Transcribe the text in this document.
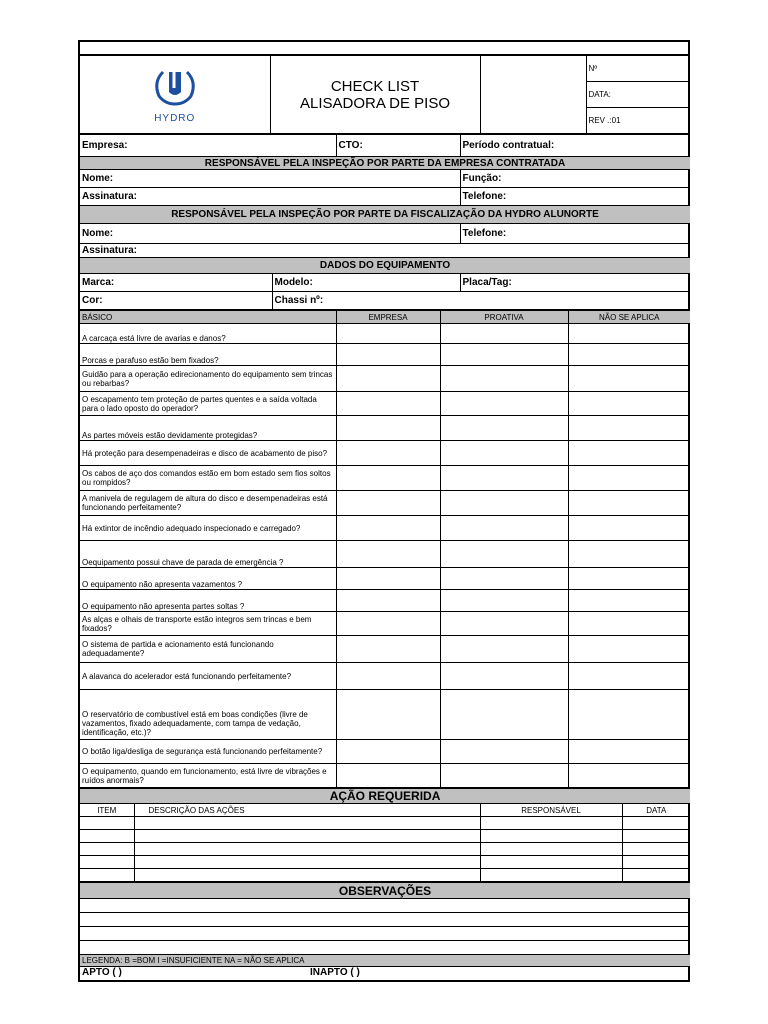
HYDRO

CHECK LIST
ALISADORA DE PISO
		Nº
DATA:
REV .:01
Empresa:		CTO:	Período contratual:
RESPONSÁVEL PELA INSPEÇÃO POR PARTE DA EMPRESA CONTRATADA			
Nome:			Função:
Assinatura:			Telefone:
RESPONSÁVEL PELA INSPEÇÃO POR PARTE DA FISCALIZAÇÃO DA HYDRO ALUNORTE			
Nome:			Telefone:
Assinatura:			
DADOS DO EQUIPAMENTO			
Marca:	Modelo:		Placa/Tag:
Cor:	Chassi nº:		
BÁSICO	EMPRESA	PROATIVA	NÃO SE APLICA
A carcaça está livre de avarias e danos?			
Porcas e parafuso estão bem fixados?			
Guidão para a operação edirecionamento do equipamento sem trincas ou rebarbas?			
O escapamento tem proteção de partes quentes e a saída voltada para o lado oposto do operador?			
As partes móveis estão devidamente protegidas?			
Há proteção para desempenadeiras e disco de acabamento de piso?			
Os cabos de aço dos comandos estão em bom estado sem fios soltos ou rompidos?			
A manivela de regulagem de altura do disco e desempenadeiras está funcionando perfeitamente?			
Há extintor de incêndio adequado inspecionado e carregado?			
Oequipamento possui chave de parada de emergência ?			
O equipamento não apresenta vazamentos ?			
O equipamento não apresenta partes soltas ?			
As alças e olhais de transporte estão integros sem trincas e bem fixados?			
O sistema de partida e acionamento está funcionando adequadamente?			
A alavanca do acelerador está funcionando perfeitamente?			
O reservatório de combustível está em boas condições (livre de vazamentos, fixado adequadamente, com tampa de vedação, identificação, etc.)?			
O botão liga/desliga de segurança está funcionando perfeitamente?			
O equipamento, quando em funcionamento, está livre de vibrações e ruídos anormais?			
AÇÃO REQUERIDA			
ITEM	DESCRIÇÃO DAS AÇÕES	RESPONSÁVEL	DATA

OBSERVAÇÕES

LEGENDA: B =BOM I =INSUFICIENTE NA = NÃO SE APLICA
APTO ( )	INAPTO ( )
